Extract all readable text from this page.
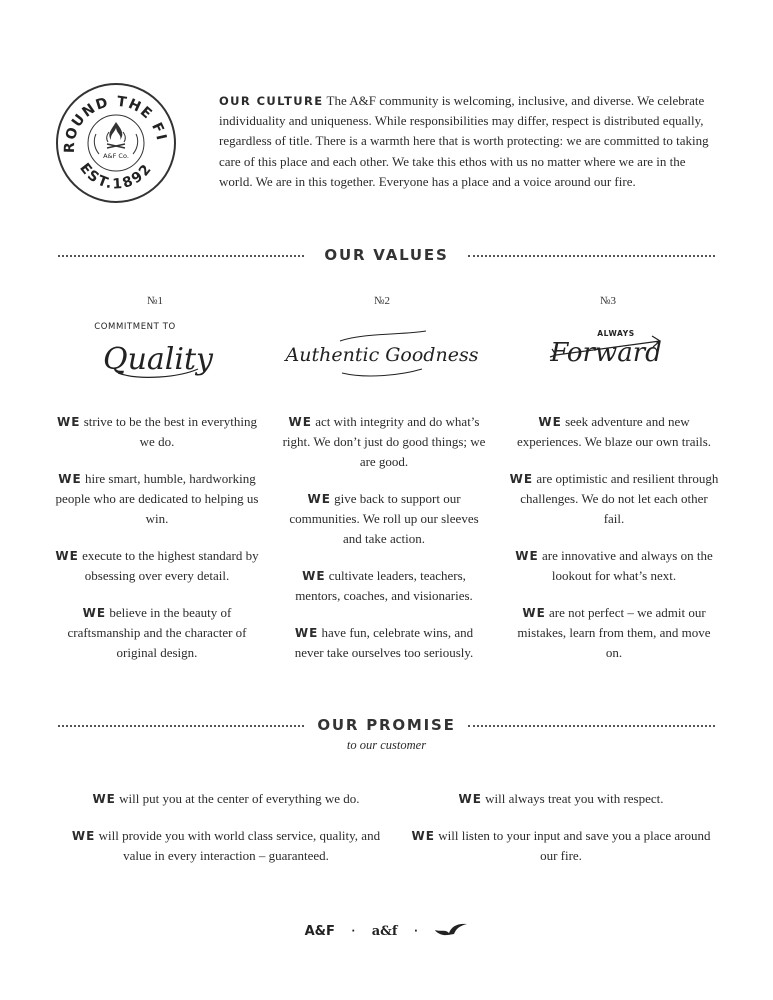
ROUND THE FI
EST.1892
A&F Co.
OUR CULTURE The A&F community is welcoming, inclusive, and diverse. We celebrate individuality and uniqueness. While responsibilities may differ, respect is distributed equally, regardless of title. There is a warmth here that is worth protecting: we are committed to taking care of this place and each other. We take this ethos with us no matter where we are in the world. We are in this together. Everyone has a place and a voice around our fire.
OUR VALUES
№1
COMMITMENT TO
Quality
№2
Authentic Goodness
№3
ALWAYS
Forward

WE strive to be the best in everything we do.

WE hire smart, humble, hardworking people who are dedicated to helping us win.

WE execute to the highest standard by obsessing over every detail.

WE believe in the beauty of craftsmanship and the character of original design.

WE act with integrity and do what’s right. We don’t just do good things; we are good.

WE give back to support our communities. We roll up our sleeves and take action.

WE cultivate leaders, teachers, mentors, coaches, and visionaries.

WE have fun, celebrate wins, and never take ourselves too seriously.

WE seek adventure and new experiences. We blaze our own trails.

WE are optimistic and resilient through challenges. We do not let each other fail.

WE are innovative and always on the lookout for what’s next.

WE are not perfect – we admit our mistakes, learn from them, and move on.

OUR PROMISE
to our customer

WE will put you at the center of everything we do.

WE will provide you with world class service, quality, and value in every interaction – guaranteed.

WE will always treat you with respect.

WE will listen to your input and save you a place around our fire.

A&F · a&f ·
